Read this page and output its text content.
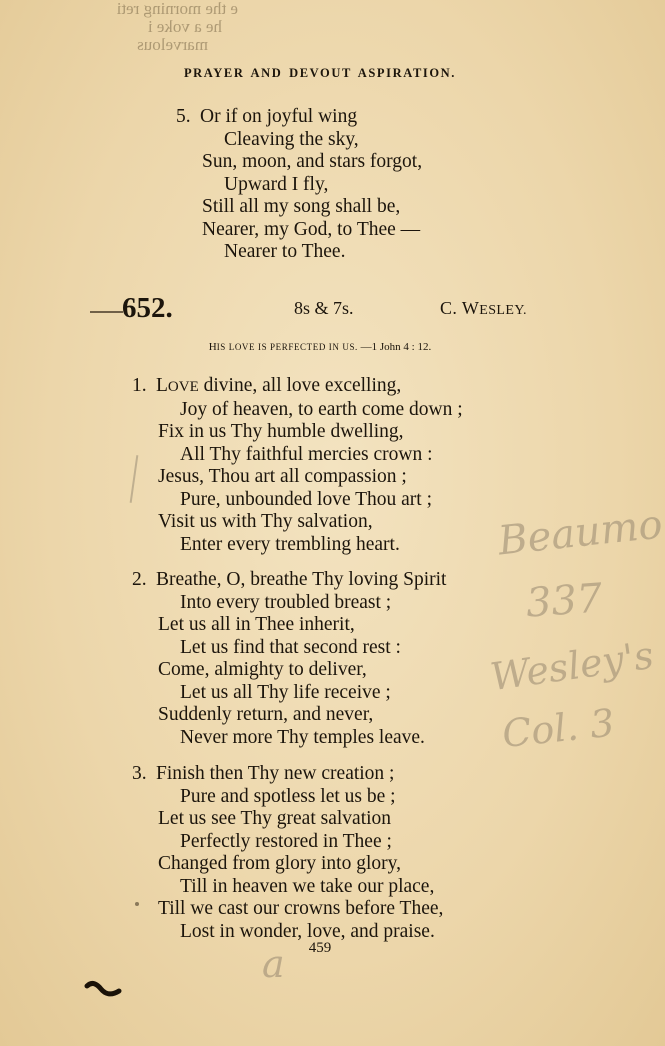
e the morning reti
he a voke i
marvelous
PRAYER AND DEVOUT ASPIRATION.
5. Or if on joyful wing
Cleaving the sky,
Sun, moon, and stars forgot,
Upward I fly,
Still all my song shall be,
Nearer, my God, to Thee —
Nearer to Thee.
652.	8s & 7s.	C. WESLEY.
HIS LOVE IS PERFECTED IN US. —1 John 4 : 12.
1. LOVE divine, all love excelling,
Joy of heaven, to earth come down ;
Fix in us Thy humble dwelling,
All Thy faithful mercies crown :
Jesus, Thou art all compassion ;
Pure, unbounded love Thou art ;
Visit us with Thy salvation,
Enter every trembling heart.
2. Breathe, O, breathe Thy loving Spirit
Into every troubled breast ;
Let us all in Thee inherit,
Let us find that second rest :
Come, almighty to deliver,
Let us all Thy life receive ;
Suddenly return, and never,
Never more Thy temples leave.
3. Finish then Thy new creation ;
Pure and spotless let us be ;
Let us see Thy great salvation
Perfectly restored in Thee ;
Changed from glory into glory,
Till in heaven we take our place,
Till we cast our crowns before Thee,
Lost in wonder, love, and praise.
Beaumo
337
Wesley's
Col. 3
a	459
